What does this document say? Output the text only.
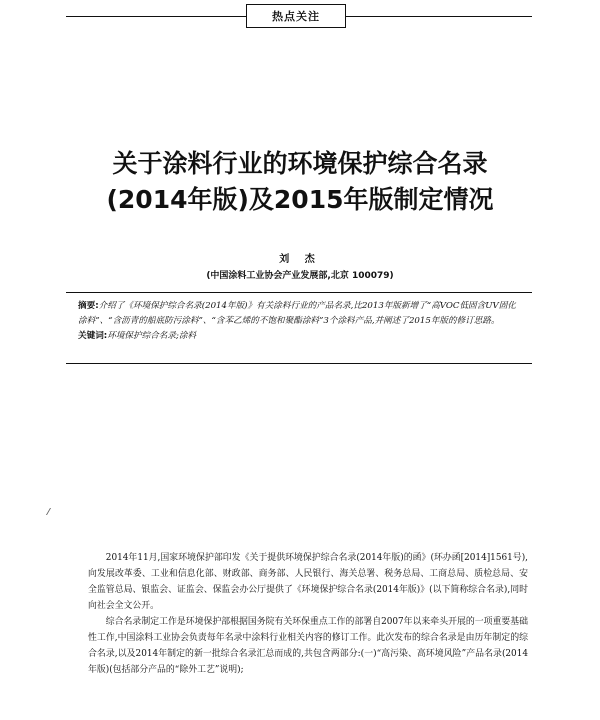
热点关注
关于涂料行业的环境保护综合名录
(2014年版)及2015年版制定情况
刘 杰
(中国涂料工业协会产业发展部,北京 100079)
摘要:介绍了《环境保护综合名录(2014年版)》有关涂料行业的产品名录,比2013年版新增了“高VOC低固含UV固化涂料”、“含沥青的船底防污涂料”、“含苯乙烯的不饱和聚酯涂料”3个涂料产品,并阐述了2015年版的修订思路。
关键词:环境保护综合名录;涂料

2014年11月,国家环境保护部印发《关于提供环境保护综合名录(2014年版)的函》(环办函[2014]1561号),向发展改革委、工业和信息化部、财政部、商务部、人民银行、海关总署、税务总局、工商总局、质检总局、安全监管总局、银监会、证监会、保监会办公厅提供了《环境保护综合名录(2014年版)》(以下简称综合名录),同时向社会全文公开。

综合名录制定工作是环境保护部根据国务院有关环保重点工作的部署自2007年以来牵头开展的一项重要基础性工作,中国涂料工业协会负责每年名录中涂料行业相关内容的修订工作。此次发布的综合名录是由历年制定的综合名录,以及2014年制定的新一批综合名录汇总而成的,共包含两部分:(一)“高污染、高环境风险”产品名录(2014年版)(包括部分产品的“除外工艺”说明);
